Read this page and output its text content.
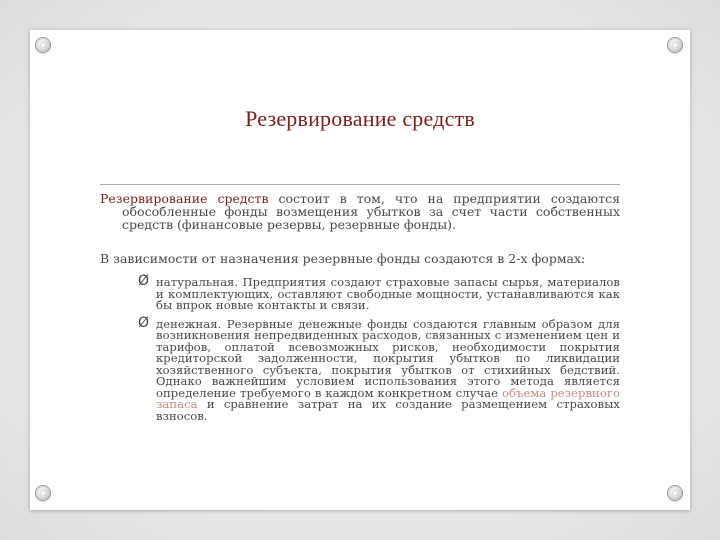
Резервирование средств

Резервирование средств состоит в том, что на предприятии создаются обособленные фонды возмещения убытков за счет части собственных средств (финансовые резервы, резервные фонды).

В зависимости от назначения резервные фонды создаются в 2-х формах:

Ø натуральная. Предприятия создают страховые запасы сырья, материалов и комплектующих, оставляют свободные мощности, устанавливаются как бы впрок новые контакты и связи.
Ø денежная. Резервные денежные фонды создаются главным образом для возникновения непредвиденных расходов, связанных с изменением цен и тарифов, оплатой всевозможных рисков, необходимости покрытия кредиторской задолженности, покрытия убытков по ликвидации хозяйственного субъекта, покрытия убытков от стихийных бедствий. Однако важнейшим условием использования этого метода является определение требуемого в каждом конкретном случае объема резервного запаса и сравнение затрат на их создание размещением страховых взносов.
